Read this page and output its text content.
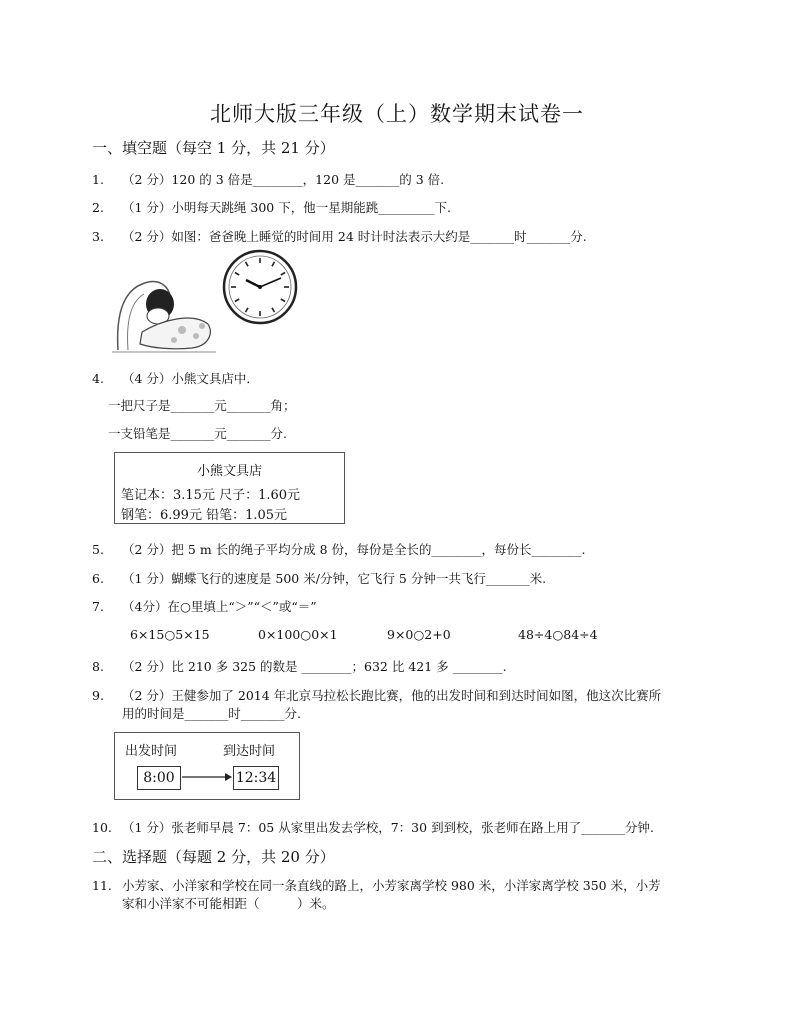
北师大版三年级（上）数学期末试卷一
一、填空题（每空 1 分，共 21 分）
1. （2 分）120 的 3 倍是________，120 是_______的 3 倍.
2. （1 分）小明每天跳绳 300 下，他一星期能跳_________下.
3. （2 分）如图：爸爸晚上睡觉的时间用 24 时计时法表示大约是_______时_______分.
4. （4 分）小熊文具店中．
一把尺子是_______元_______角；
一支铅笔是_______元_______分.
小熊文具店
笔记本：3.15元 尺子：1.60元
钢笔：6.99元 铅笔：1.05元
5. （2 分）把 5 m 长的绳子平均分成 8 份，每份是全长的________，每份长________.
6. （1 分）蝴蝶飞行的速度是 500 米/分钟，它飞行 5 分钟一共飞行_______米.
7. （4分）在○里填上“＞”“＜”或“＝”
6×15○5×15	0×100○0×1	9×0○2+0	48÷4○84÷4
8. （2 分）比 210 多 325 的数是 ________；632 比 421 多 ________.
9. （2 分）王健参加了 2014 年北京马拉松长跑比赛，他的出发时间和到达时间如图，他这次比赛所
用的时间是_______时_______分.
出发时间	到达时间
8:00	12:34
10. （1 分）张老师早晨 7：05 从家里出发去学校，7：30 到到校，张老师在路上用了_______分钟.
二、选择题（每题 2 分，共 20 分）
11. 小芳家、小洋家和学校在同一条直线的路上，小芳家离学校 980 米，小洋家离学校 350 米，小芳
家和小洋家不可能相距（　　　）米。
